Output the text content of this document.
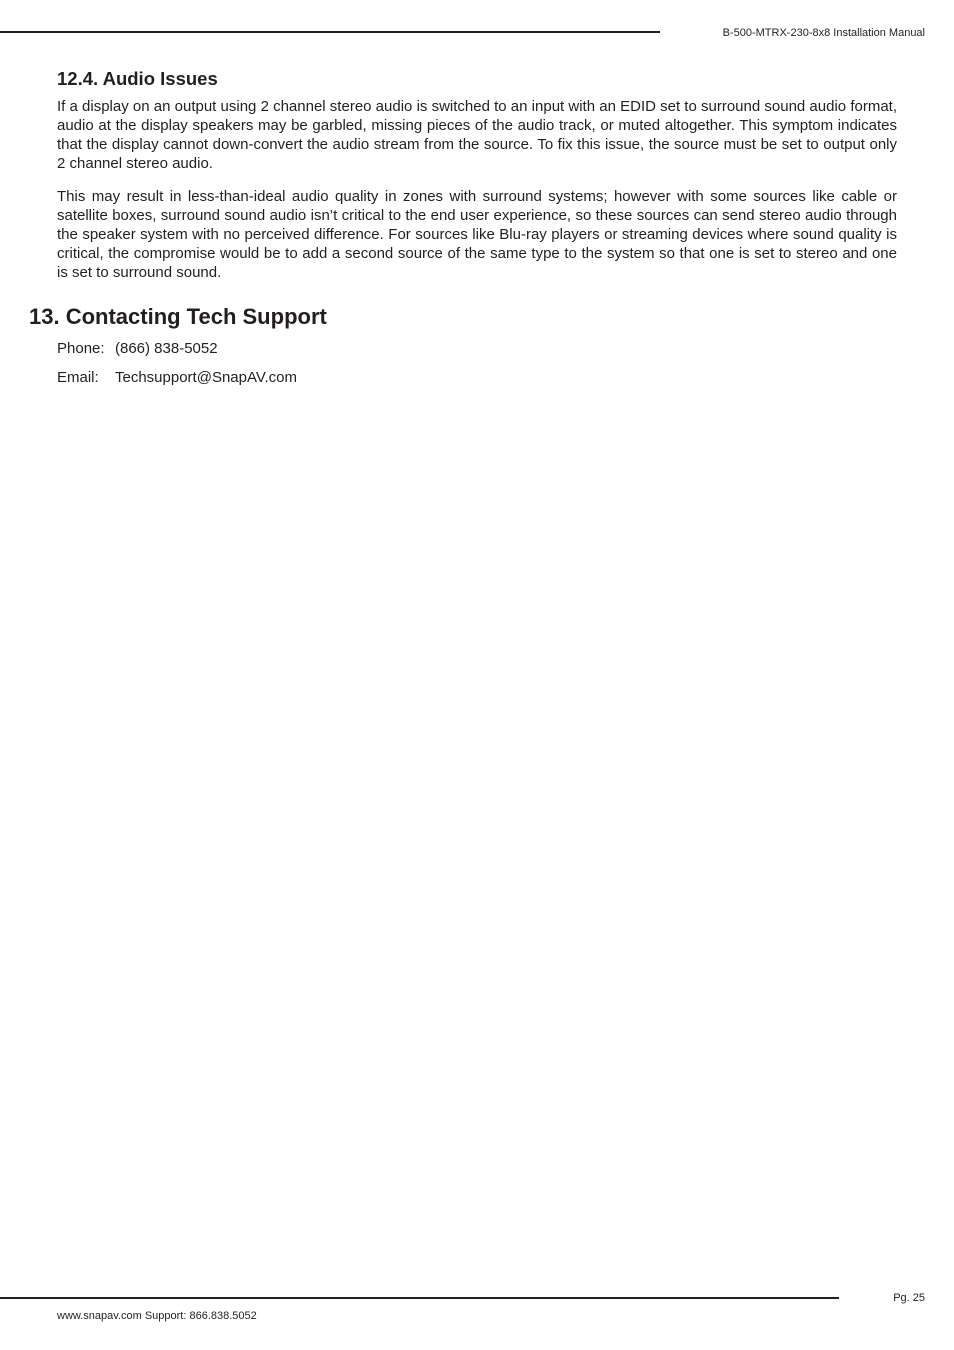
B-500-MTRX-230-8x8 Installation Manual
12.4. Audio Issues

If a display on an output using 2 channel stereo audio is switched to an input with an EDID set to surround sound audio format, audio at the display speakers may be garbled, missing pieces of the audio track, or muted altogether. This symptom indicates that the display cannot down-convert the audio stream from the source. To fix this issue, the source must be set to output only 2 channel stereo audio.

This may result in less-than-ideal audio quality in zones with surround systems; however with some sources like cable or satellite boxes, surround sound audio isn’t critical to the end user experience, so these sources can send stereo audio through the speaker system with no perceived difference. For sources like Blu-ray players or streaming devices where sound quality is critical, the compromise would be to add a second source of the same type to the system so that one is set to stereo and one is set to surround sound.

13. Contacting Tech Support
Phone: (866) 838-5052
Email: Techsupport@SnapAV.com
Pg. 25
www.snapav.com Support: 866.838.5052
